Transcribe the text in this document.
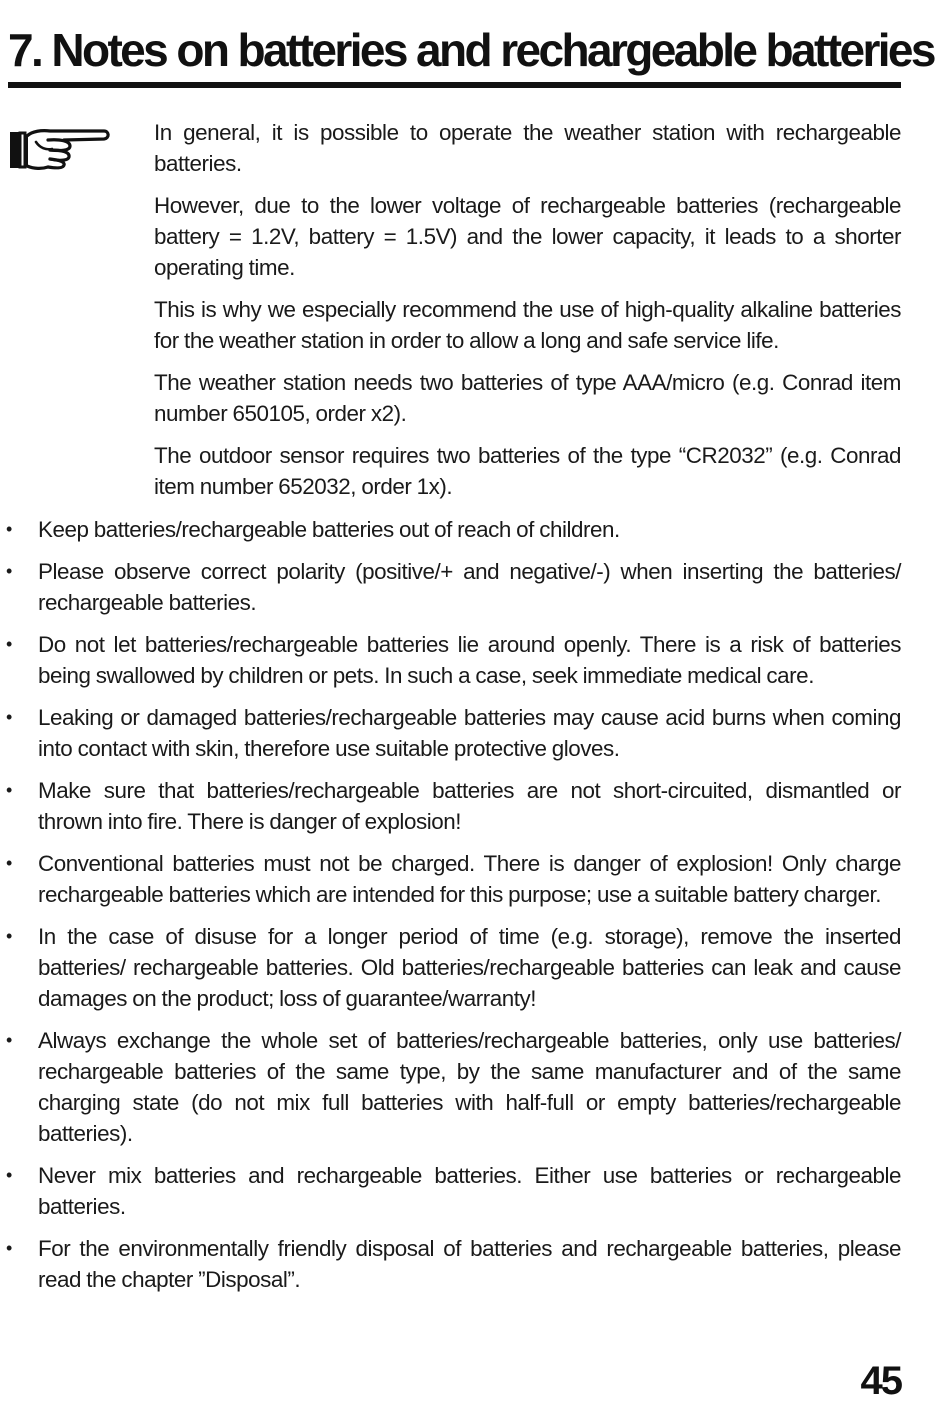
7. Notes on batteries and rechargeable batteries

In general, it is possible to operate the weather station with rechargeable batteries.

However, due to the lower voltage of rechargeable batteries (rechargeable battery = 1.2V, battery = 1.5V) and the lower capacity, it leads to a shorter operating time.

This is why we especially recommend the use of high-quality alkaline batteries for the weather station in order to allow a long and safe service life.

The weather station needs two batteries of type AAA/micro (e.g. Conrad item number 650105, order x2).

The outdoor sensor requires two batteries of the type “CR2032” (e.g. Conrad item number 652032, order 1x).

• Keep batteries/rechargeable batteries out of reach of children.
• Please observe correct polarity (positive/+ and negative/-) when inserting the batteries/ rechargeable batteries.
• Do not let batteries/rechargeable batteries lie around openly. There is a risk of batteries being swallowed by children or pets. In such a case, seek immediate medical care.
• Leaking or damaged batteries/rechargeable batteries may cause acid burns when coming into contact with skin, therefore use suitable protective gloves.
• Make sure that batteries/rechargeable batteries are not short-circuited, dismantled or thrown into fire. There is danger of explosion!
• Conventional batteries must not be charged. There is danger of explosion! Only charge rechargeable batteries which are intended for this purpose; use a suitable battery charger.
• In the case of disuse for a longer period of time (e.g. storage), remove the inserted batteries/ rechargeable batteries. Old batteries/rechargeable batteries can leak and cause damages on the product; loss of guarantee/warranty!
• Always exchange the whole set of batteries/rechargeable batteries, only use batteries/ rechargeable batteries of the same type, by the same manufacturer and of the same charging state (do not mix full batteries with half-full or empty batteries/rechargeable batteries).
• Never mix batteries and rechargeable batteries. Either use batteries or rechargeable batteries.
• For the environmentally friendly disposal of batteries and rechargeable batteries, please read the chapter ”Disposal”.
45
